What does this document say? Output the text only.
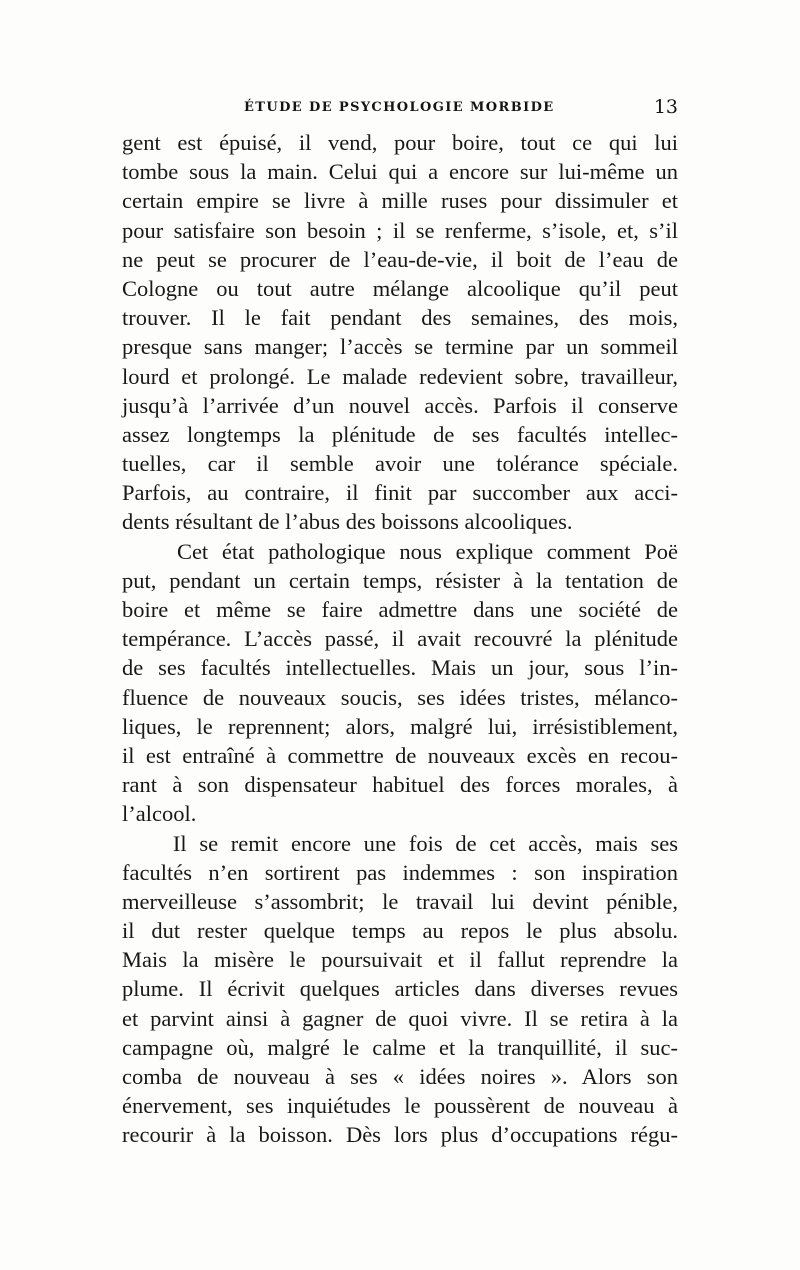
ÉTUDE DE PSYCHOLOGIE MORBIDE	13
gent est épuisé, il vend, pour boire, tout ce qui lui
tombe sous la main. Celui qui a encore sur lui-même un
certain empire se livre à mille ruses pour dissimuler et
pour satisfaire son besoin ; il se renferme, s’isole, et, s’il
ne peut se procurer de l’eau-de-vie, il boit de l’eau de
Cologne ou tout autre mélange alcoolique qu’il peut
trouver. Il le fait pendant des semaines, des mois,
presque sans manger; l’accès se termine par un sommeil
lourd et prolongé. Le malade redevient sobre, travailleur,
jusqu’à l’arrivée d’un nouvel accès. Parfois il conserve
assez longtemps la plénitude de ses facultés intellec-
tuelles, car il semble avoir une tolérance spéciale.
Parfois, au contraire, il finit par succomber aux acci-
dents résultant de l’abus des boissons alcooliques.
Cet état pathologique nous explique comment Poë
put, pendant un certain temps, résister à la tentation de
boire et même se faire admettre dans une société de
tempérance. L’accès passé, il avait recouvré la plénitude
de ses facultés intellectuelles. Mais un jour, sous l’in-
fluence de nouveaux soucis, ses idées tristes, mélanco-
liques, le reprennent; alors, malgré lui, irrésistiblement,
il est entraîné à commettre de nouveaux excès en recou-
rant à son dispensateur habituel des forces morales, à
l’alcool.
Il se remit encore une fois de cet accès, mais ses
facultés n’en sortirent pas indemmes : son inspiration
merveilleuse s’assombrit; le travail lui devint pénible,
il dut rester quelque temps au repos le plus absolu.
Mais la misère le poursuivait et il fallut reprendre la
plume. Il écrivit quelques articles dans diverses revues
et parvint ainsi à gagner de quoi vivre. Il se retira à la
campagne où, malgré le calme et la tranquillité, il suc-
comba de nouveau à ses « idées noires ». Alors son
énervement, ses inquiétudes le poussèrent de nouveau à
recourir à la boisson. Dès lors plus d’occupations régu-
